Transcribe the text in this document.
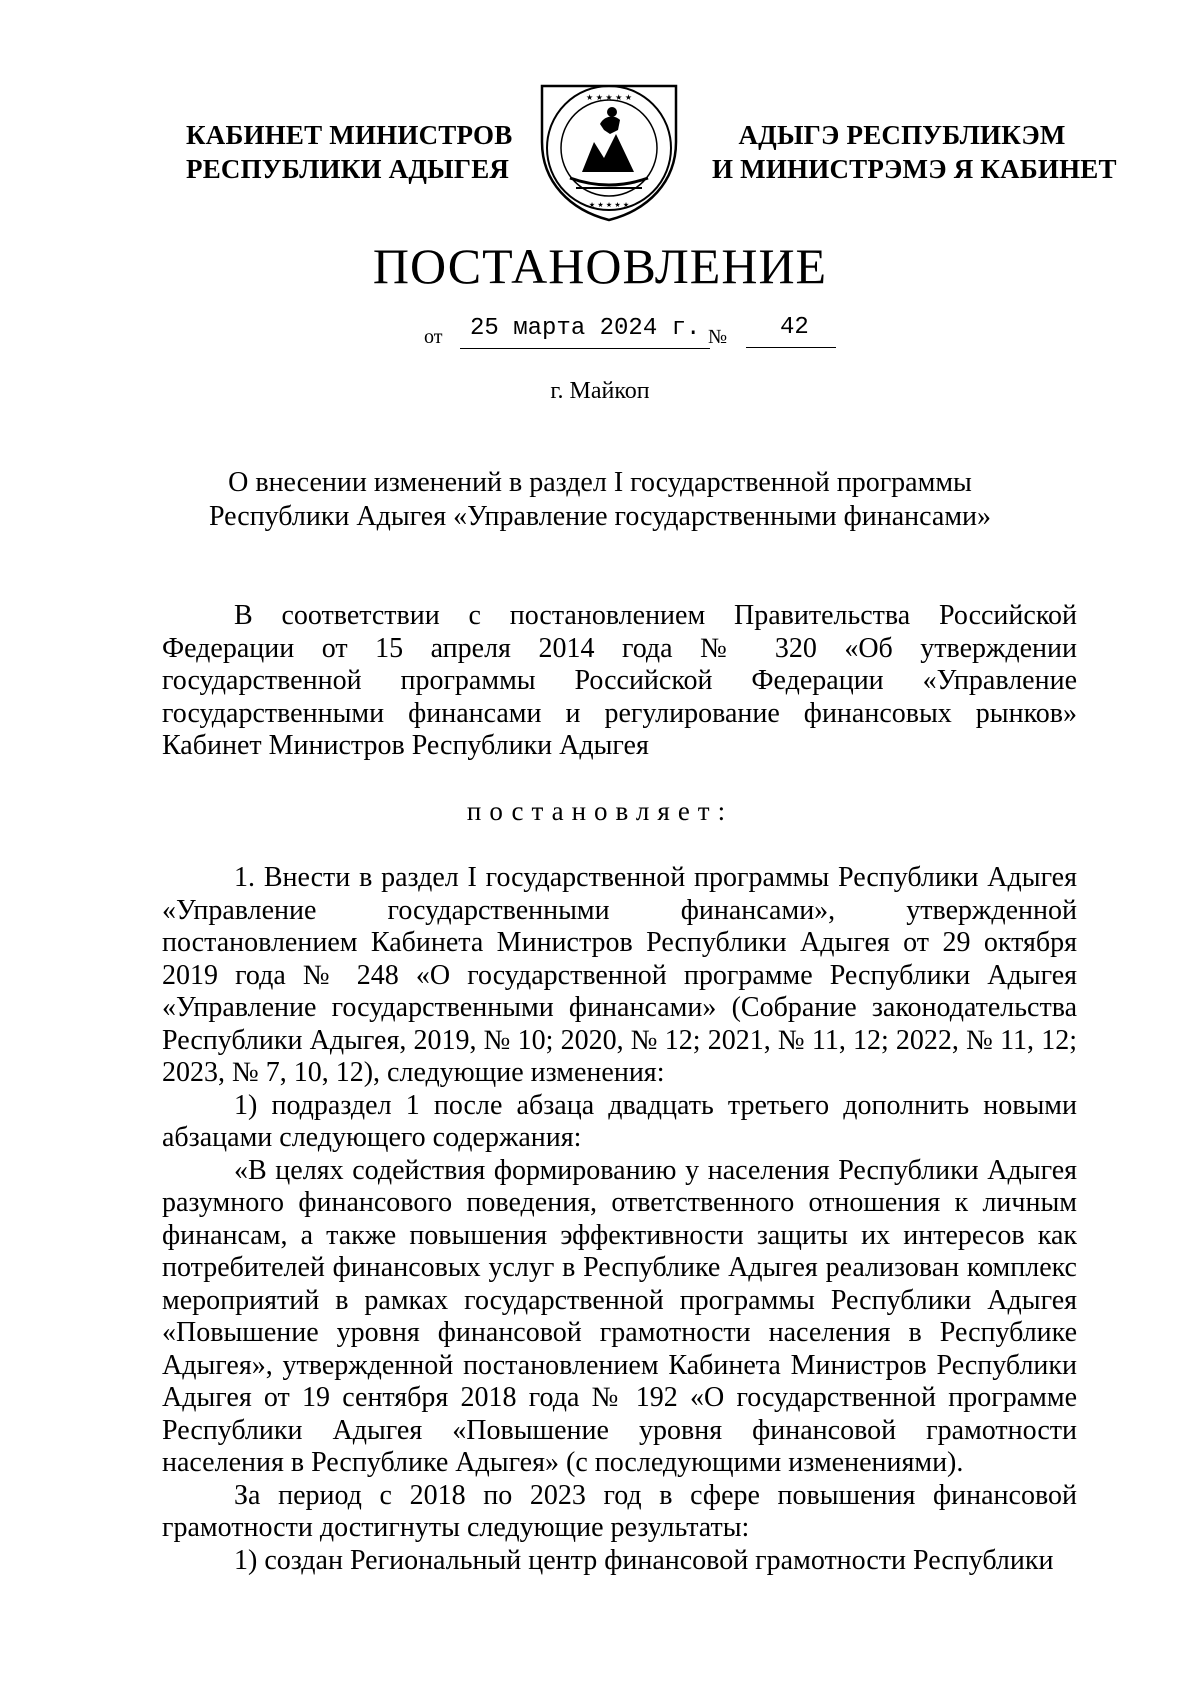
КАБИНЕТ МИНИСТРОВ
РЕСПУБЛИКИ АДЫГЕЯ
★ ★ ★ ★ ★
★ ★ ★ ★ ★
АДЫГЭ РЕСПУБЛИКЭМ
И МИНИСТРЭМЭ Я КАБИНЕТ
ПОСТАНОВЛЕНИЕ
от	25 марта 2024 г. №	42
г. Майкоп
О внесении изменений в раздел I государственной программы
Республики Адыгея «Управление государственными финансами»

В соответствии с постановлением Правительства Российской Федерации от 15 апреля 2014 года № 320 «Об утверждении государственной программы Российской Федерации «Управление государственными финансами и регулирование финансовых рынков» Кабинет Министров Республики Адыгея

постановляет:

1. Внести в раздел I государственной программы Республики Адыгея «Управление государственными финансами», утвержденной постановлением Кабинета Министров Республики Адыгея от 29 октября 2019 года № 248 «О государственной программе Республики Адыгея «Управление государственными финансами» (Собрание законодательства Республики Адыгея, 2019, № 10; 2020, № 12; 2021, № 11, 12; 2022, № 11, 12; 2023, № 7, 10, 12), следующие изменения:

1) подраздел 1 после абзаца двадцать третьего дополнить новыми абзацами следующего содержания:

«В целях содействия формированию у населения Республики Адыгея разумного финансового поведения, ответственного отношения к личным финансам, а также повышения эффективности защиты их интересов как потребителей финансовых услуг в Республике Адыгея реализован комплекс мероприятий в рамках государственной программы Республики Адыгея «Повышение уровня финансовой грамотности населения в Республике Адыгея», утвержденной постановлением Кабинета Министров Республики Адыгея от 19 сентября 2018 года № 192 «О государственной программе Республики Адыгея «Повышение уровня финансовой грамотности населения в Республике Адыгея» (с последующими изменениями).

За период с 2018 по 2023 год в сфере повышения финансовой грамотности достигнуты следующие результаты:

1) создан Региональный центр финансовой грамотности Республики
